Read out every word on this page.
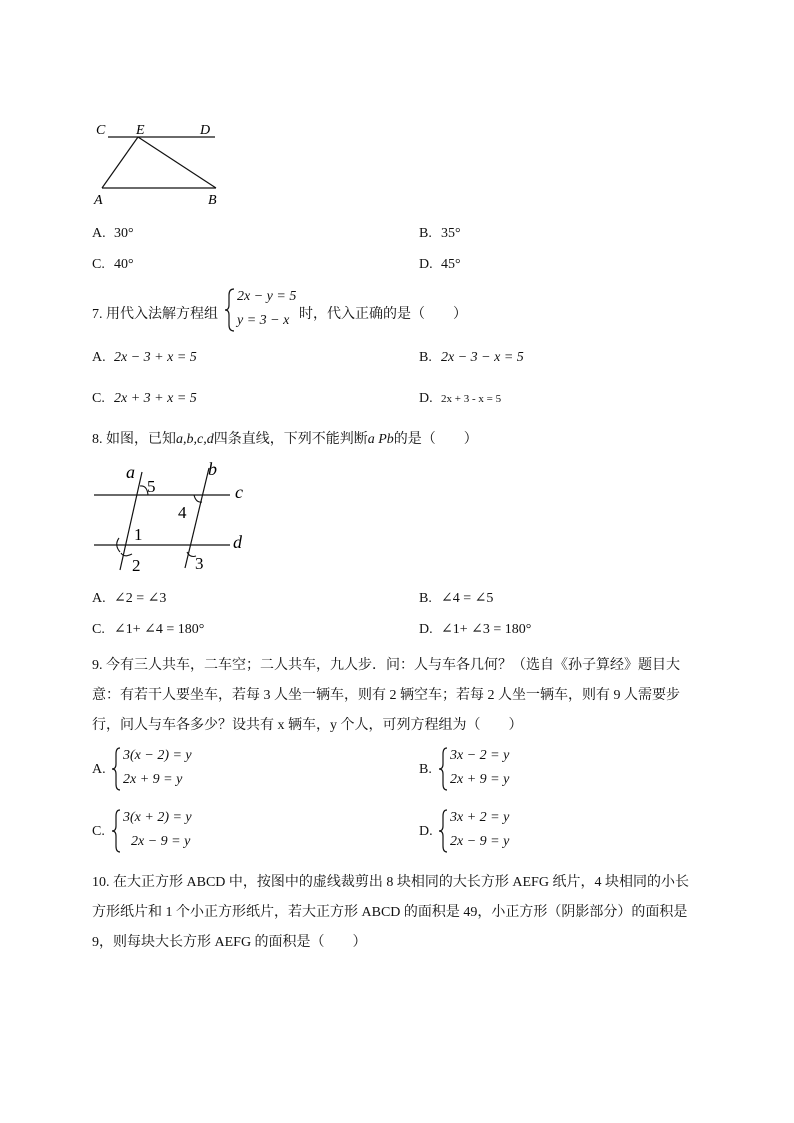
C E	D
A	B
A. 30°	B. 35°
C. 40°	D. 45°
7. 用代入法解方程组
2x − y = 5
y = 3 − x 时，代入正确的是（　　）
A. 2x − 3 + x = 5	B. 2x − 3 − x = 5
C. 2x + 3 + x = 5	D. 2x + 3 - x = 5
8. 如图，已知a,b,c,d四条直线，下列不能判断a Pb的是（　　）
a	b
c
d
5
4
1
2	3
A. ∠2 = ∠3	B. ∠4 = ∠5
C. ∠1+ ∠4 = 180°	D. ∠1+ ∠3 = 180°
9. 今有三人共车，二车空；二人共车，九人步．问：人与车各几何？（选自《孙子算经》题目大
意：有若干人要坐车，若每 3 人坐一辆车，则有 2 辆空车；若每 2 人坐一辆车，则有 9 人需要步
行，问人与车各多少？设共有 x 辆车，y 个人，可列方程组为（　　）
A.
3(x − 2) = y
2x + 9 = y
B.
3x − 2 = y
2x + 9 = y
C.
3(x + 2) = y
2x − 9 = y
D.
3x + 2 = y
2x − 9 = y
10. 在大正方形 ABCD 中，按图中的虚线裁剪出 8 块相同的大长方形 AEFG 纸片，4 块相同的小长
方形纸片和 1 个小正方形纸片，若大正方形 ABCD 的面积是 49，小正方形（阴影部分）的面积是
9，则每块大长方形 AEFG 的面积是（　　）
